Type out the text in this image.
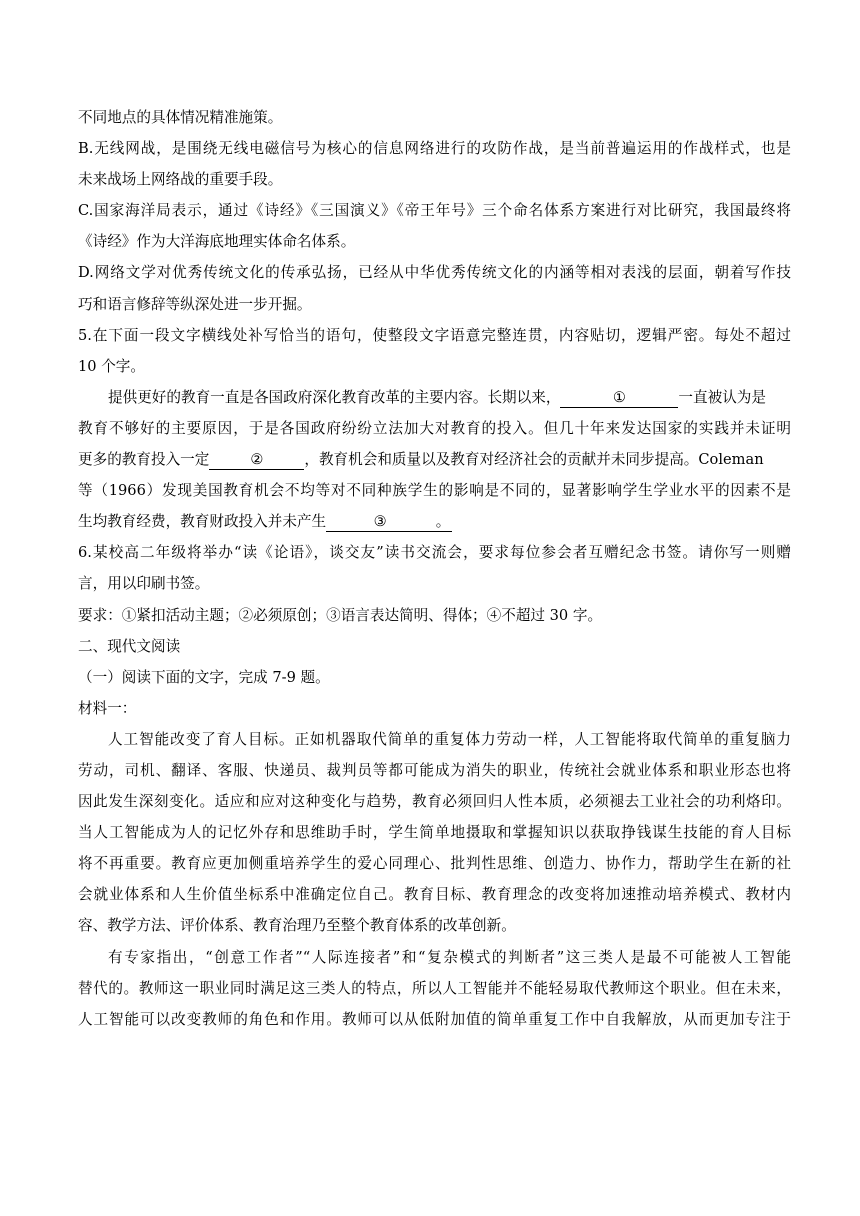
不同地点的具体情况精准施策。
B.无线网战，是围绕无线电磁信号为核心的信息网络进行的攻防作战，是当前普遍运用的作战样式，也是
未来战场上网络战的重要手段。
C.国家海洋局表示，通过《诗经》《三国演义》《帝王年号》三个命名体系方案进行对比研究，我国最终将
《诗经》作为大洋海底地理实体命名体系。
D.网络文学对优秀传统文化的传承弘扬，已经从中华优秀传统文化的内涵等相对表浅的层面，朝着写作技
巧和语言修辞等纵深处进一步开掘。
5.在下面一段文字横线处补写恰当的语句，使整段文字语意完整连贯，内容贴切，逻辑严密。每处不超过
10 个字。
提供更好的教育一直是各国政府深化教育改革的主要内容。长期以来，	①	一直被认为是
教育不够好的主要原因，于是各国政府纷纷立法加大对教育的投入。但几十年来发达国家的实践并未证明
更多的教育投入一定	②	，教育机会和质量以及教育对经济社会的贡献并未同步提高。Coleman
等（1966）发现美国教育机会不均等对不同种族学生的影响是不同的，显著影响学生学业水平的因素不是
生均教育经费，教育财政投入并未产生	③	。
6.某校高二年级将举办“读《论语》，谈交友”读书交流会，要求每位参会者互赠纪念书签。请你写一则赠
言，用以印刷书签。
要求：①紧扣活动主题；②必须原创；③语言表达简明、得体；④不超过 30 字。
二、现代文阅读
（一）阅读下面的文字，完成 7-9 题。
材料一：
人工智能改变了育人目标。正如机器取代简单的重复体力劳动一样，人工智能将取代简单的重复脑力
劳动，司机、翻译、客服、快递员、裁判员等都可能成为消失的职业，传统社会就业体系和职业形态也将
因此发生深刻变化。适应和应对这种变化与趋势，教育必须回归人性本质，必须褪去工业社会的功利烙印。
当人工智能成为人的记忆外存和思维助手时，学生简单地摄取和掌握知识以获取挣钱谋生技能的育人目标
将不再重要。教育应更加侧重培养学生的爱心同理心、批判性思维、创造力、协作力，帮助学生在新的社
会就业体系和人生价值坐标系中准确定位自己。教育目标、教育理念的改变将加速推动培养模式、教材内
容、教学方法、评价体系、教育治理乃至整个教育体系的改革创新。
有专家指出，“创意工作者”“人际连接者”和“复杂模式的判断者”这三类人是最不可能被人工智能
替代的。教师这一职业同时满足这三类人的特点，所以人工智能并不能轻易取代教师这个职业。但在未来，
人工智能可以改变教师的角色和作用。教师可以从低附加值的简单重复工作中自我解放，从而更加专注于
